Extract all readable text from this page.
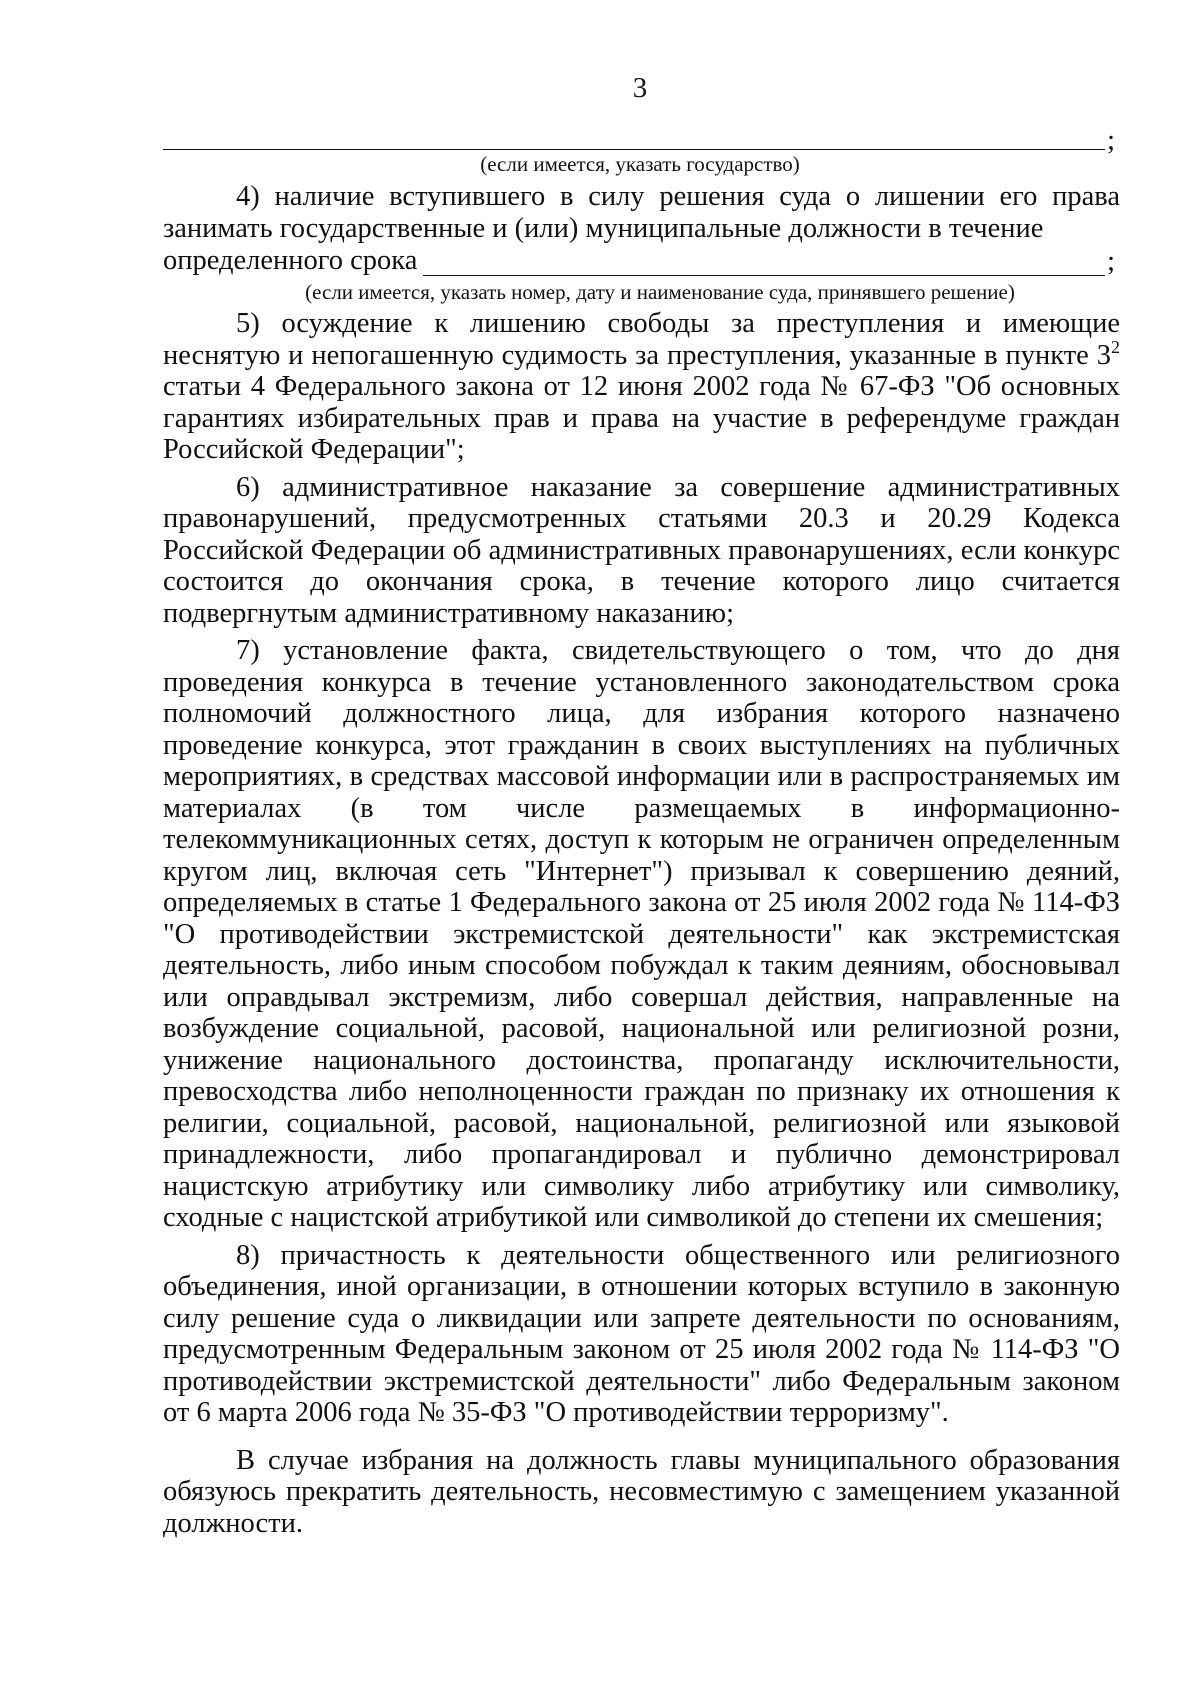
3
;
(если имеется, указать государство)

4) наличие вступившего в силу решения суда о лишении его права занимать государственные и (или) муниципальные должности в течение

определенного срока	;
(если имеется, указать номер, дату и наименование суда, принявшего решение)

5) осуждение к лишению свободы за преступления и имеющие неснятую и непогашенную судимость за преступления, указанные в пункте $3^2$ статьи 4 Федерального закона от 12 июня 2002 года № 67-ФЗ "Об основных гарантиях избирательных прав и права на участие в референдуме граждан Российской Федерации";

6) административное наказание за совершение административных правонарушений, предусмотренных статьями 20.3 и 20.29 Кодекса Российской Федерации об административных правонарушениях, если конкурс состоится до окончания срока, в течение которого лицо считается подвергнутым административному наказанию;

7) установление факта, свидетельствующего о том, что до дня проведения конкурса в течение установленного законодательством срока полномочий должностного лица, для избрания которого назначено проведение конкурса, этот гражданин в своих выступлениях на публичных мероприятиях, в средствах массовой информации или в распространяемых им материалах (в том числе размещаемых в информационно-телекоммуникационных сетях, доступ к которым не ограничен определенным кругом лиц, включая сеть "Интернет") призывал к совершению деяний, определяемых в статье 1 Федерального закона от 25 июля 2002 года № 114-ФЗ "О противодействии экстремистской деятельности" как экстремистская деятельность, либо иным способом побуждал к таким деяниям, обосновывал или оправдывал экстремизм, либо совершал действия, направленные на возбуждение социальной, расовой, национальной или религиозной розни, унижение национального достоинства, пропаганду исключительности, превосходства либо неполноценности граждан по признаку их отношения к религии, социальной, расовой, национальной, религиозной или языковой принадлежности, либо пропагандировал и публично демонстрировал нацистскую атрибутику или символику либо атрибутику или символику, сходные с нацистской атрибутикой или символикой до степени их смешения;

8) причастность к деятельности общественного или религиозного объединения, иной организации, в отношении которых вступило в законную силу решение суда о ликвидации или запрете деятельности по основаниям, предусмотренным Федеральным законом от 25 июля 2002 года № 114-ФЗ "О противодействии экстремистской деятельности" либо Федеральным законом от 6 марта 2006 года № 35-ФЗ "О противодействии терроризму".

В случае избрания на должность главы муниципального образования обязуюсь прекратить деятельность, несовместимую с замещением указанной должности.
